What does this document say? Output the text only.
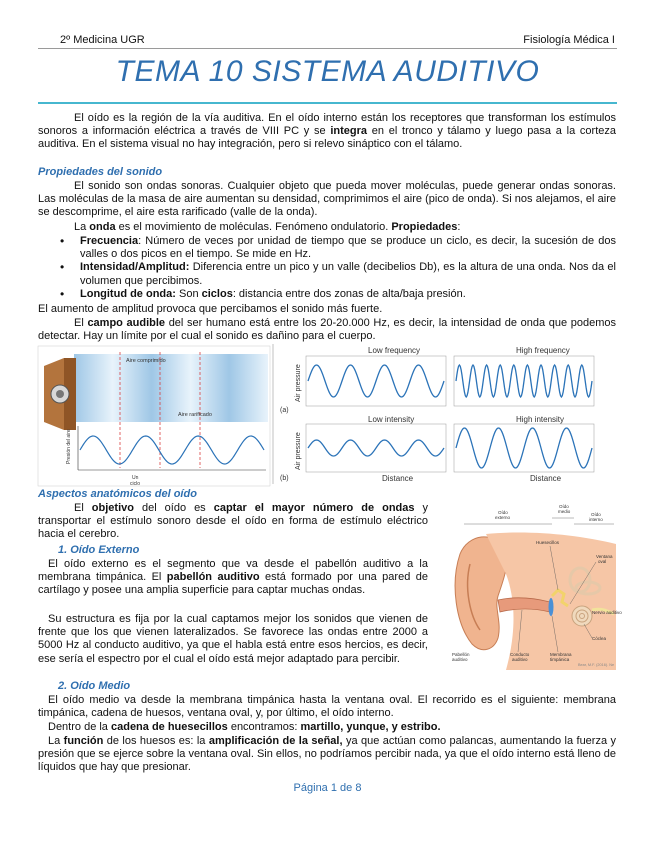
2º Medicina UGR	Fisiología Médica I
TEMA 10 SISTEMA AUDITIVO

El oído es la región de la vía auditiva. En el oído interno están los receptores que transforman los estímulos sonoros a información eléctrica a través de VIII PC y se integra en el tronco y tálamo y luego pasa a la corteza auditiva. En el sistema visual no hay integración, pero si relevo sináptico con el tálamo.

Propiedades del sonido

El sonido son ondas sonoras. Cualquier objeto que pueda mover moléculas, puede generar ondas sonoras. Las moléculas de la masa de aire aumentan su densidad, comprimimos el aire (pico de onda). Si nos alejamos, el aire se descomprime, el aire esta rarificado (valle de la onda).

La onda es el movimiento de moléculas. Fenómeno ondulatorio. Propiedades:

• Frecuencia: Número de veces por unidad de tiempo que se produce un ciclo, es decir, la sucesión de dos valles o dos picos en el tiempo. Se mide en Hz.
• Intensidad/Amplitud: Diferencia entre un pico y un valle (decibelios Db), es la altura de una onda. Nos da el volumen que percibimos.
• Longitud de onda: Son ciclos: distancia entre dos zonas de alta/baja presión.

El aumento de amplitud provoca que percibamos el sonido más fuerte.

El campo audible del ser humano está entre los 20-20.000 Hz, es decir, la intensidad de onda que podemos detectar. Hay un límite por el cual el sonido es dañino para el cuerpo.

Aire comprimido
Aire rarificado
Presión del aire
Un ciclo
Low frequency	High frequency
Low intensity	High intensity
Air pressure
Air pressure
(a)
(b)	Distance	Distance
Aspectos anatómicos del oído

El objetivo del oído es captar el mayor número de ondas y transportar el estímulo sonoro desde el oído en forma de estímulo eléctrico hacia el cerebro.

1. Oído Externo

El oído externo es el segmento que va desde el pabellón auditivo a la membrana timpánica. El pabellón auditivo está formado por una pared de cartílago y posee una amplia superficie para captar muchas ondas.

Su estructura es fija por la cual captamos mejor los sonidos que vienen de frente que los que vienen lateralizados. Se favorece las ondas entre 2000 a 5000 Hz al conducto auditivo, ya que el habla está entre esos hercios, es decir, ese sería el espectro por el cual el oído está mejor adaptado para percibir.

Oído externo
Oído medio
Oído interno
Huesecillos
Ventana oval
Nervio auditivo
Cóclea
Pabellón auditivo
Conducto auditivo
Membrana timpánica
Bear, M.F. (2016). Ne
2. Oído Medio

El oído medio va desde la membrana timpánica hasta la ventana oval. El recorrido es el siguiente: membrana timpánica, cadena de huesos, ventana oval, y, por último, el oído interno.

Dentro de la cadena de huesecillos encontramos: martillo, yunque, y estribo.

La función de los huesos es: la amplificación de la señal, ya que actúan como palancas, aumentando la fuerza y presión que se ejerce sobre la ventana oval. Sin ellos, no podríamos percibir nada, ya que el oído interno está lleno de líquidos que hay que presionar.

Página 1 de 8
